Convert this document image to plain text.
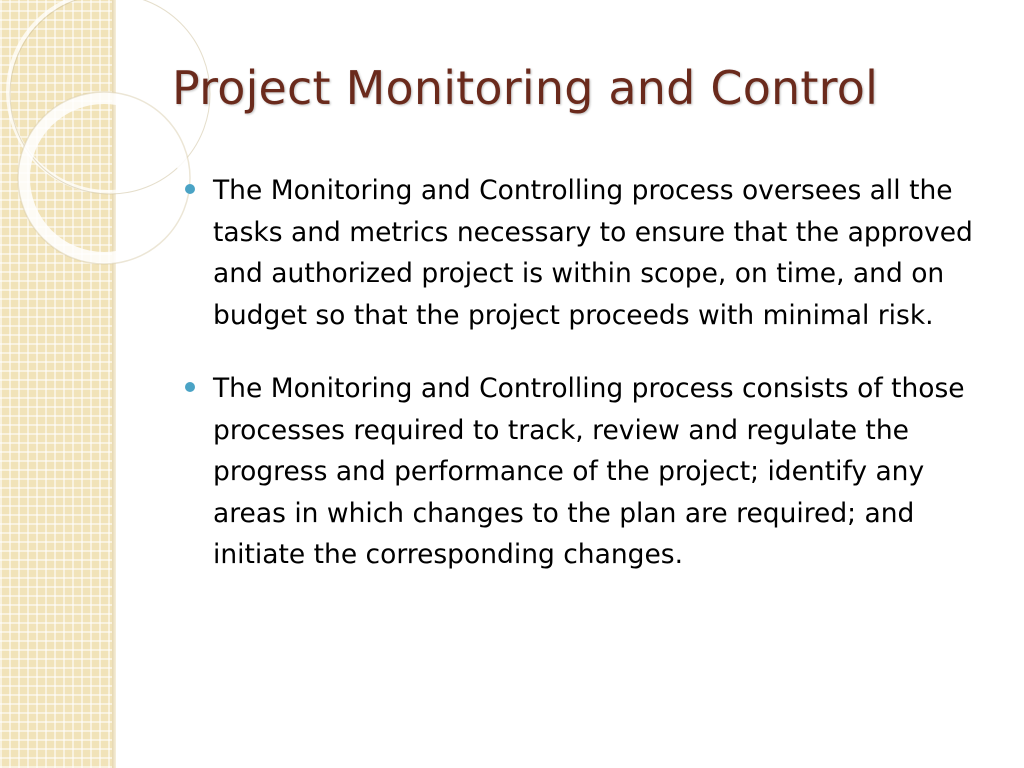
Project Monitoring and Control
The Monitoring and Controlling process oversees all the tasks and metrics necessary to ensure that the approved and authorized project is within scope, on time, and on budget so that the project proceeds with minimal risk.
The Monitoring and Controlling process consists of those processes required to track, review and regulate the progress and performance of the project; identify any areas in which changes to the plan are required; and initiate the corresponding changes.
